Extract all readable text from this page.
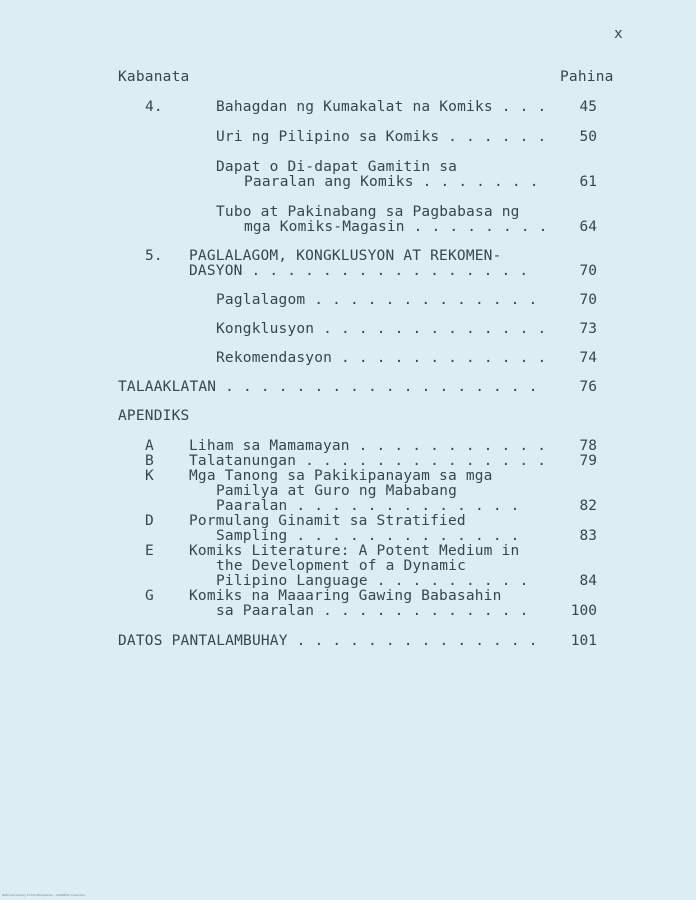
x
Kabanata	Pahina
4.	Bahagdan ng Kumakalat na Komiks . . .	45
Uri ng Pilipino sa Komiks . . . . . .	50
Dapat o Di-dapat Gamitin sa
Paaralan ang Komiks . . . . . . .	61
Tubo at Pakinabang sa Pagbabasa ng
mga Komiks-Magasin . . . . . . . .	64
5. PAGLALAGOM, KONGKLUSYON AT REKOMEN-
DASYON . . . . . . . . . . . . . . . .	70
Paglalagom . . . . . . . . . . . . .	70
Kongklusyon . . . . . . . . . . . . .	73
Rekomendasyon . . . . . . . . . . . .	74
TALAAKLATAN . . . . . . . . . . . . . . . . . .	76
APENDIKS
A Liham sa Mamamayan . . . . . . . . . . .	78
B Talatanungan . . . . . . . . . . . . . .	79
K Mga Tanong sa Pakikipanayam sa mga
Pamilya at Guro ng Mababang
Paaralan . . . . . . . . . . . . .	82
D Pormulang Ginamit sa Stratified
Sampling . . . . . . . . . . . . .	83
E Komiks Literature: A Potent Medium in
the Development of a Dynamic
Pilipino Language . . . . . . . . .	84
G Komiks na Maaaring Gawing Babasahin
sa Paaralan . . . . . . . . . . . .	100
DATOS PANTALAMBUHAY . . . . . . . . . . . . . .	101
National Library of the Philippines - ALINMOV Collection
